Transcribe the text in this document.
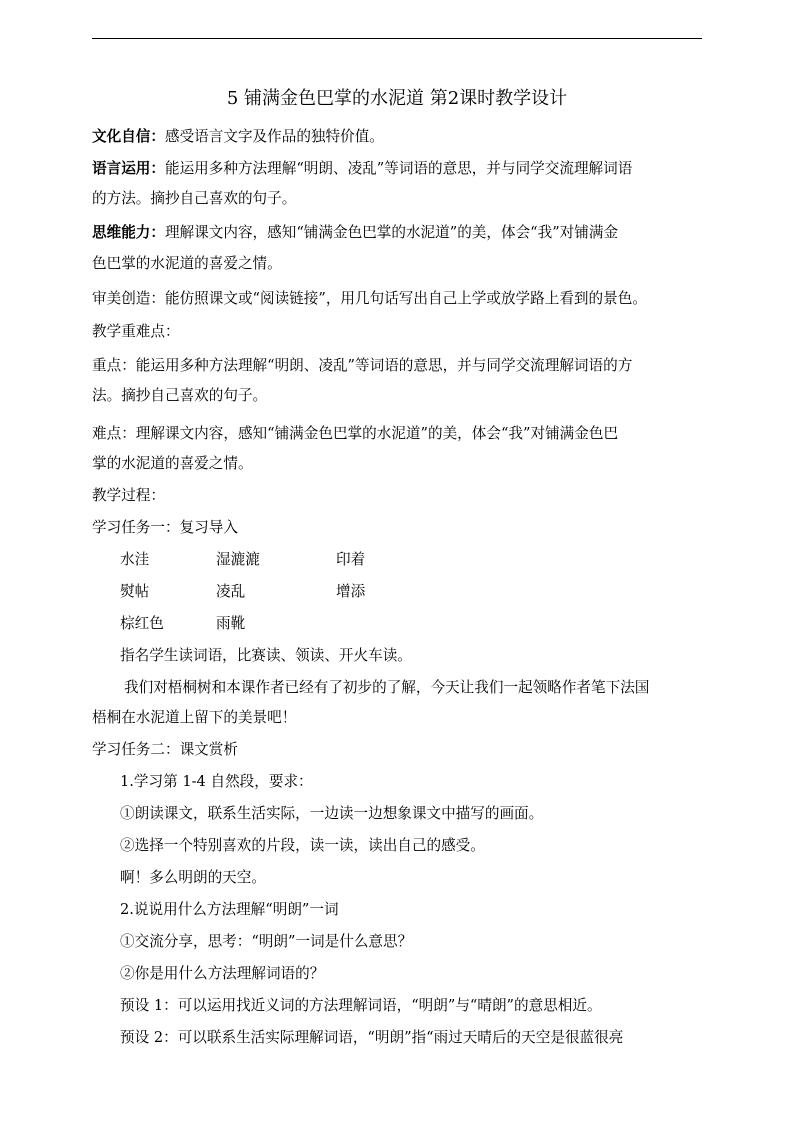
5 铺满金色巴掌的水泥道 第2课时教学设计
文化自信：感受语言文字及作品的独特价值。
语言运用：能运用多种方法理解“明朗、凌乱”等词语的意思，并与同学交流理解词语
的方法。摘抄自己喜欢的句子。
思维能力：理解课文内容，感知“铺满金色巴掌的水泥道”的美，体会“我”对铺满金
色巴掌的水泥道的喜爱之情。
审美创造：能仿照课文或“阅读链接”，用几句话写出自己上学或放学路上看到的景色。
教学重难点：
重点：能运用多种方法理解“明朗、凌乱”等词语的意思，并与同学交流理解词语的方
法。摘抄自己喜欢的句子。
难点：理解课文内容，感知“铺满金色巴掌的水泥道”的美，体会“我”对铺满金色巴
掌的水泥道的喜爱之情。
教学过程：
学习任务一：复习导入
水洼	湿漉漉	印着
熨帖	凌乱	增添
棕红色	雨靴
指名学生读词语，比赛读、领读、开火车读。
我们对梧桐树和本课作者已经有了初步的了解，今天让我们一起领略作者笔下法国
梧桐在水泥道上留下的美景吧！
学习任务二：课文赏析
1.学习第 1-4 自然段，要求：
①朗读课文，联系生活实际，一边读一边想象课文中描写的画面。
②选择一个特别喜欢的片段，读一读，读出自己的感受。
啊！多么明朗的天空。
2.说说用什么方法理解“明朗”一词
①交流分享，思考：“明朗”一词是什么意思？
②你是用什么方法理解词语的？
预设 1：可以运用找近义词的方法理解词语，“明朗”与“晴朗”的意思相近。
预设 2：可以联系生活实际理解词语，“明朗”指“雨过天晴后的天空是很蓝很亮
